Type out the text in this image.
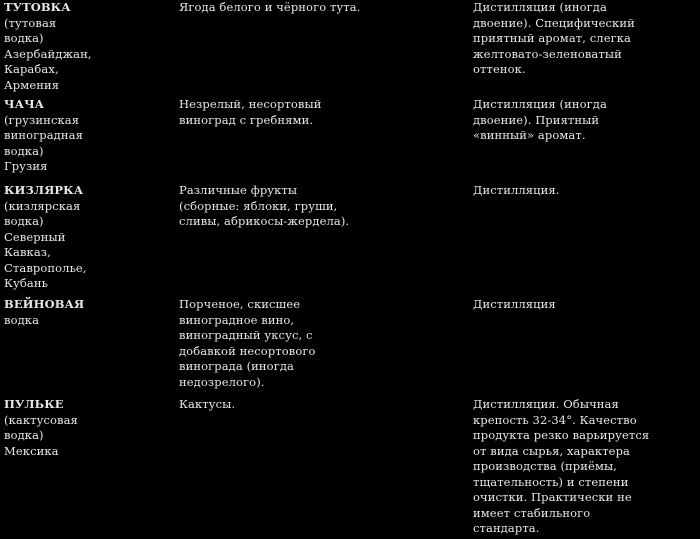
ТУТОВКА
(тутовая
водка)
Азербайджан,
Карабах,
Армения
Ягода белого и чёрного тута.	Дистилляция (иногда
двоение). Специфический
приятный аромат, слегка
желтовато-зеленоватый
оттенок.
ЧАЧА
(грузинская
виноградная
водка)
Грузия
Незрелый, несортовый
виноград с гребнями.
Дистилляция (иногда
двоение). Приятный
«винный» аромат.
КИЗЛЯРКА
(кизлярская
водка)
Северный
Кавказ,
Ставрополье,
Кубань
Различные фрукты
(сборные: яблоки, груши,
сливы, абрикосы-жердела).
Дистилляция.
ВЕЙНОВАЯ
водка
Порченое, скисшее
виноградное вино,
виноградный уксус, с
добавкой несортового
винограда (иногда
недозрелого).
Дистилляция
ПУЛЬКЕ
(кактусовая
водка)
Мексика
Кактусы.	Дистилляция. Обычная
крепость 32-34°. Качество
продукта резко варьируется
от вида сырья, характера
производства (приёмы,
тщательность) и степени
очистки. Практически не
имеет стабильного
стандарта.
